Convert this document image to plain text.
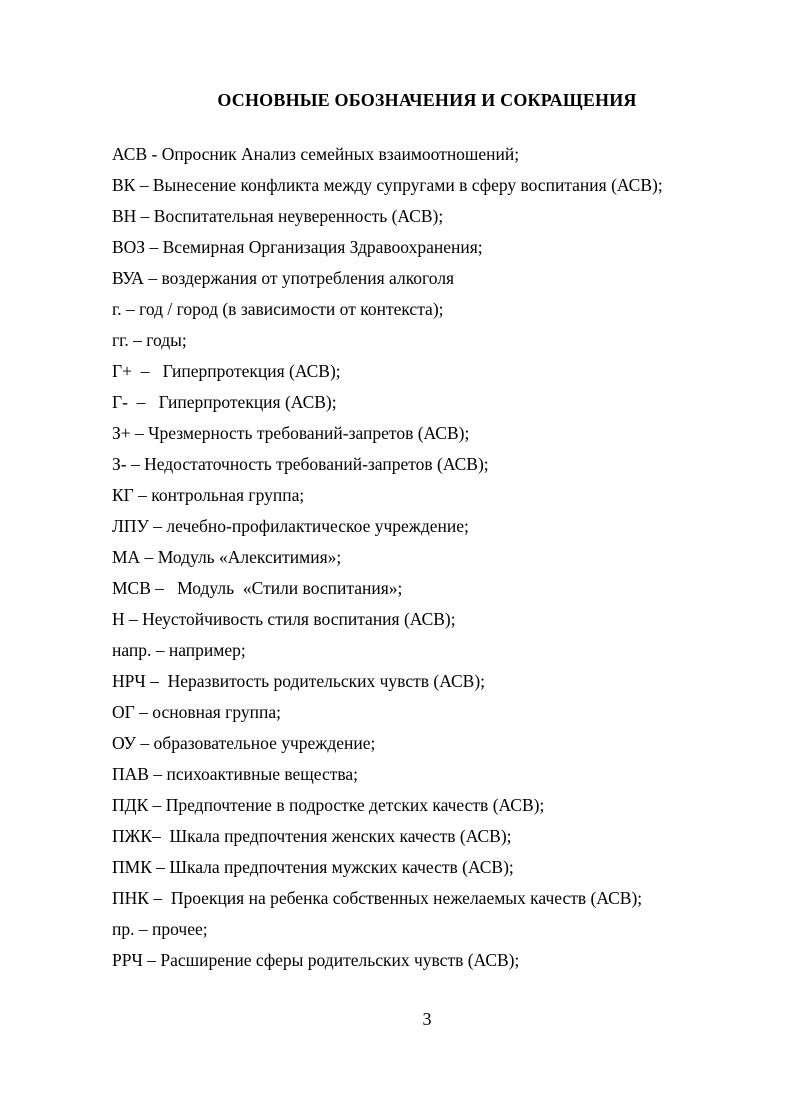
ОСНОВНЫЕ ОБОЗНАЧЕНИЯ И СОКРАЩЕНИЯ
АСВ - Опросник Анализ семейных взаимоотношений;
ВК – Вынесение конфликта между супругами в сферу воспитания (АСВ);
ВН – Воспитательная неуверенность (АСВ);
ВОЗ – Всемирная Организация Здравоохранения;
ВУА – воздержания от употребления алкоголя
г. – год / город (в зависимости от контекста);
гг. – годы;
Г+  –   Гиперпротекция (АСВ);
Г-  –   Гиперпротекция (АСВ);
З+ – Чрезмерность требований-запретов (АСВ);
З- – Недостаточность требований-запретов (АСВ);
КГ – контрольная группа;
ЛПУ – лечебно-профилактическое учреждение;
МА – Модуль «Алекситимия»;
МСВ –   Модуль  «Стили воспитания»;
Н – Неустойчивость стиля воспитания (АСВ);
напр. – например;
НРЧ –  Неразвитость родительских чувств (АСВ);
ОГ – основная группа;
ОУ – образовательное учреждение;
ПАВ – психоактивные вещества;
ПДК – Предпочтение в подростке детских качеств (АСВ);
ПЖК–  Шкала предпочтения женских качеств (АСВ);
ПМК – Шкала предпочтения мужских качеств (АСВ);
ПНК –  Проекция на ребенка собственных нежелаемых качеств (АСВ);
пр. – прочее;
РРЧ – Расширение сферы родительских чувств (АСВ);
3
